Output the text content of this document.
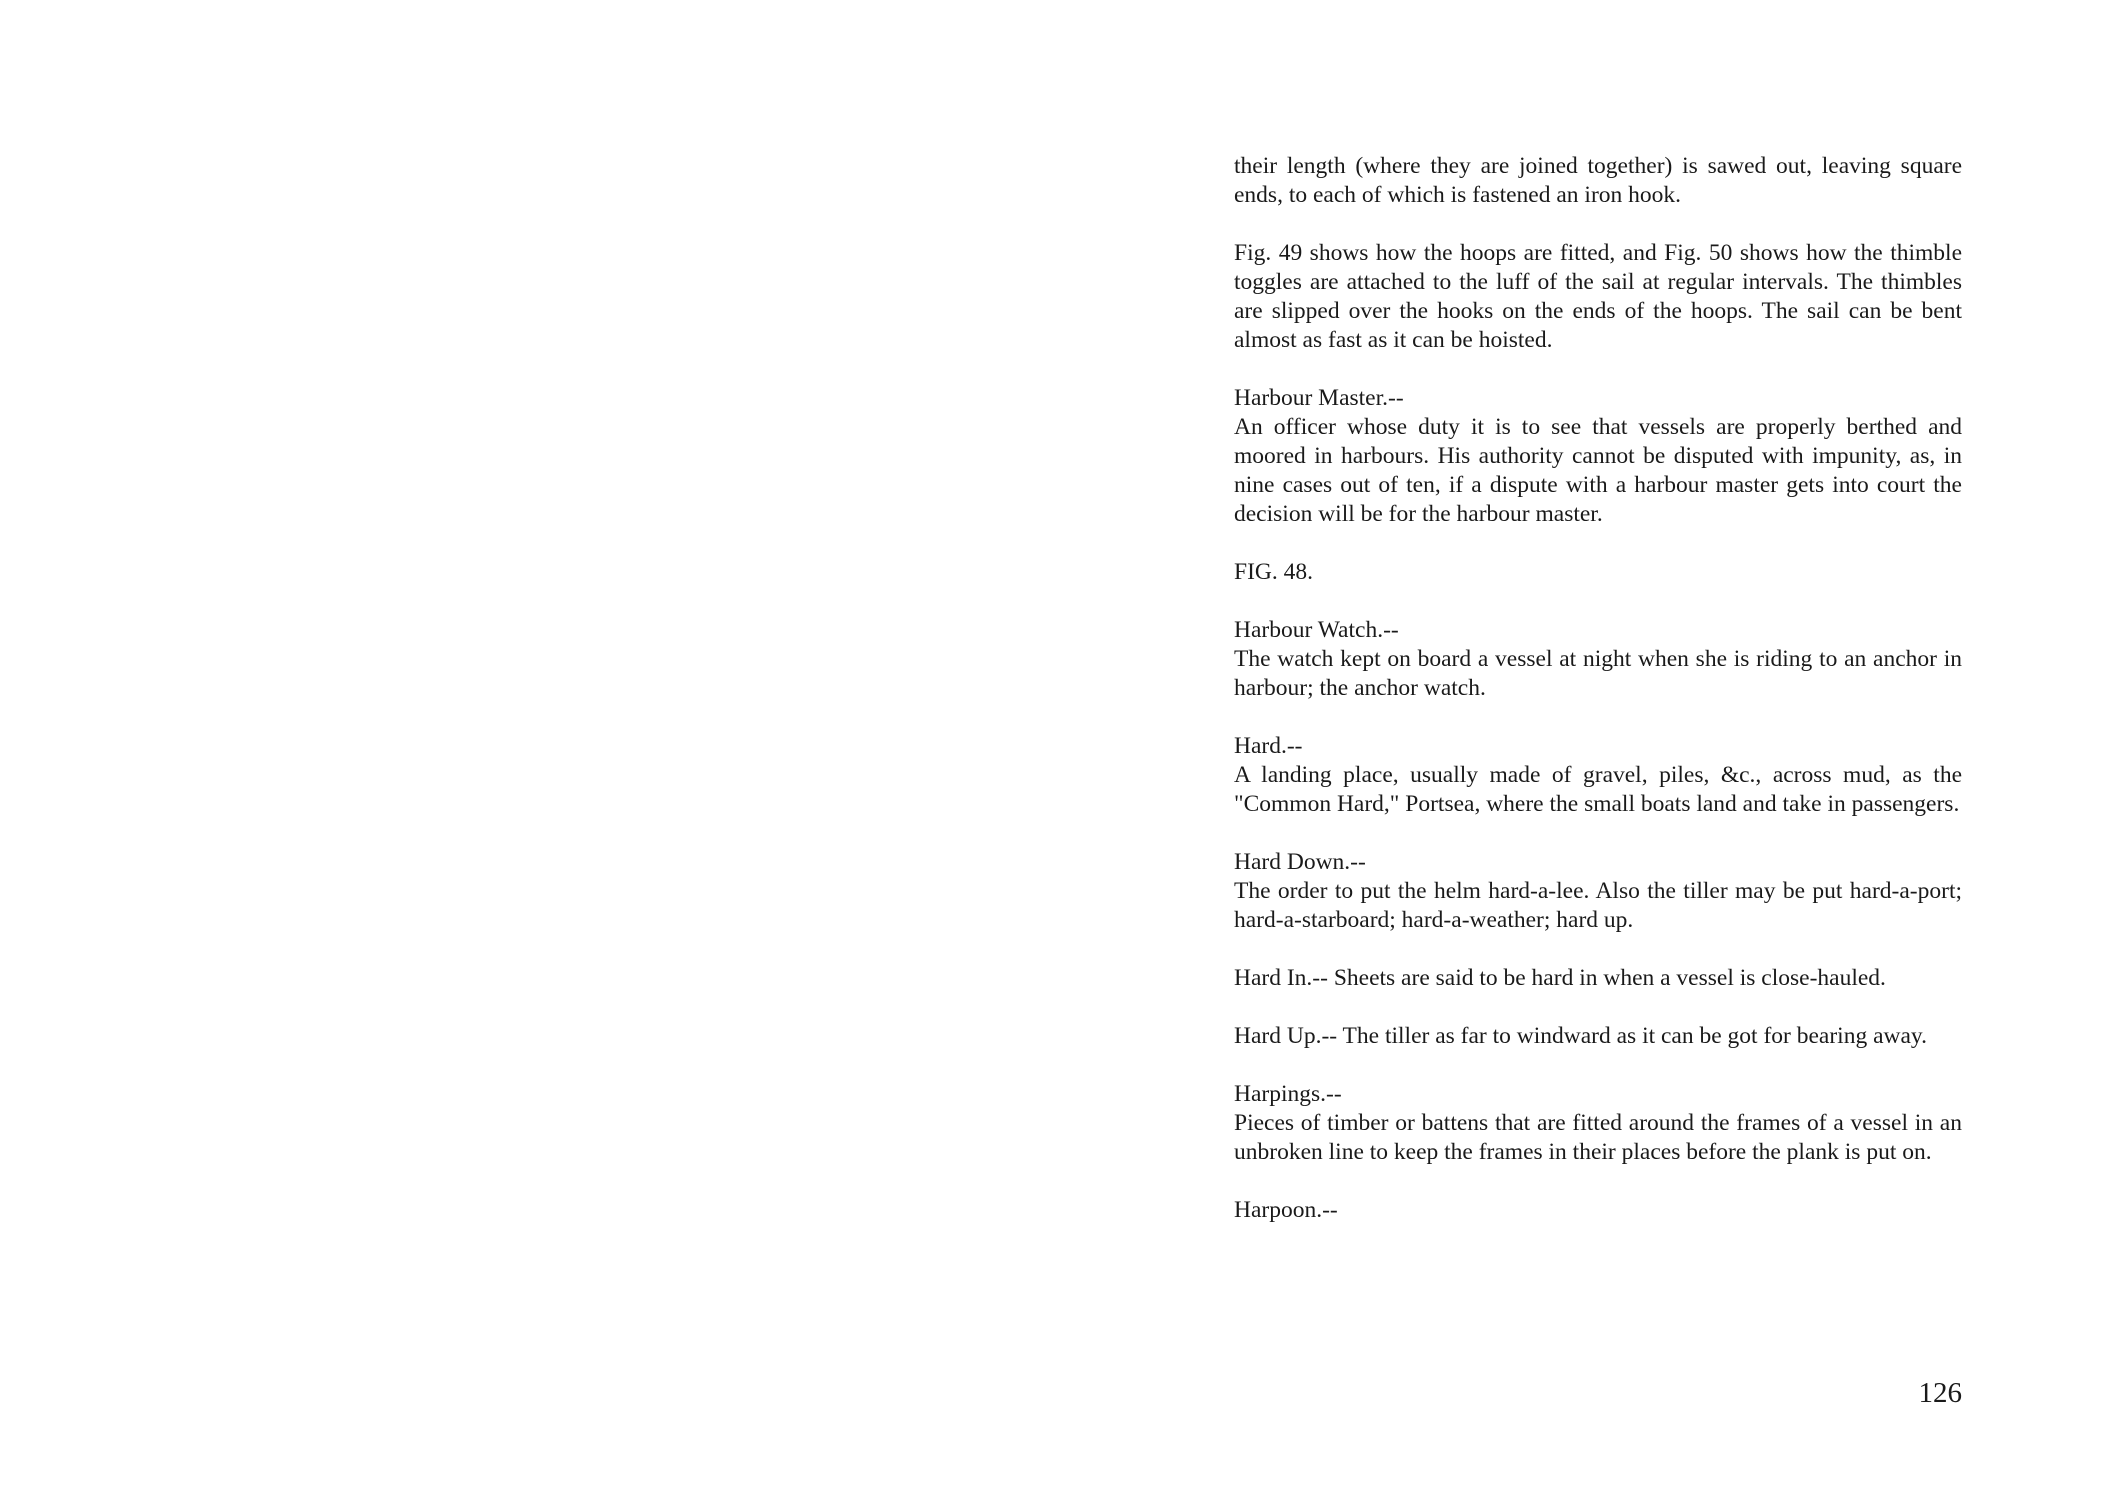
their length (where they are joined together) is sawed out, leaving square ends, to each of which is fastened an iron hook.

Fig. 49 shows how the hoops are fitted, and Fig. 50 shows how the thimble toggles are attached to the luff of the sail at regular intervals. The thimbles are slipped over the hooks on the ends of the hoops. The sail can be bent almost as fast as it can be hoisted.

Harbour Master.--
An officer whose duty it is to see that vessels are properly berthed and moored in harbours. His authority cannot be disputed with impunity, as, in nine cases out of ten, if a dispute with a harbour master gets into court the decision will be for the harbour master.
FIG. 48.
Harbour Watch.--
The watch kept on board a vessel at night when she is riding to an anchor in harbour; the anchor watch.
Hard.--
A landing place, usually made of gravel, piles, &c., across mud, as the "Common Hard," Portsea, where the small boats land and take in passengers.
Hard Down.--
The order to put the helm hard-a-lee. Also the tiller may be put hard-a-port; hard-a-starboard; hard-a-weather; hard up.
Hard In.-- Sheets are said to be hard in when a vessel is close-hauled.
Hard Up.-- The tiller as far to windward as it can be got for bearing away.
Harpings.--
Pieces of timber or battens that are fitted around the frames of a vessel in an unbroken line to keep the frames in their places before the plank is put on.
Harpoon.--
126
